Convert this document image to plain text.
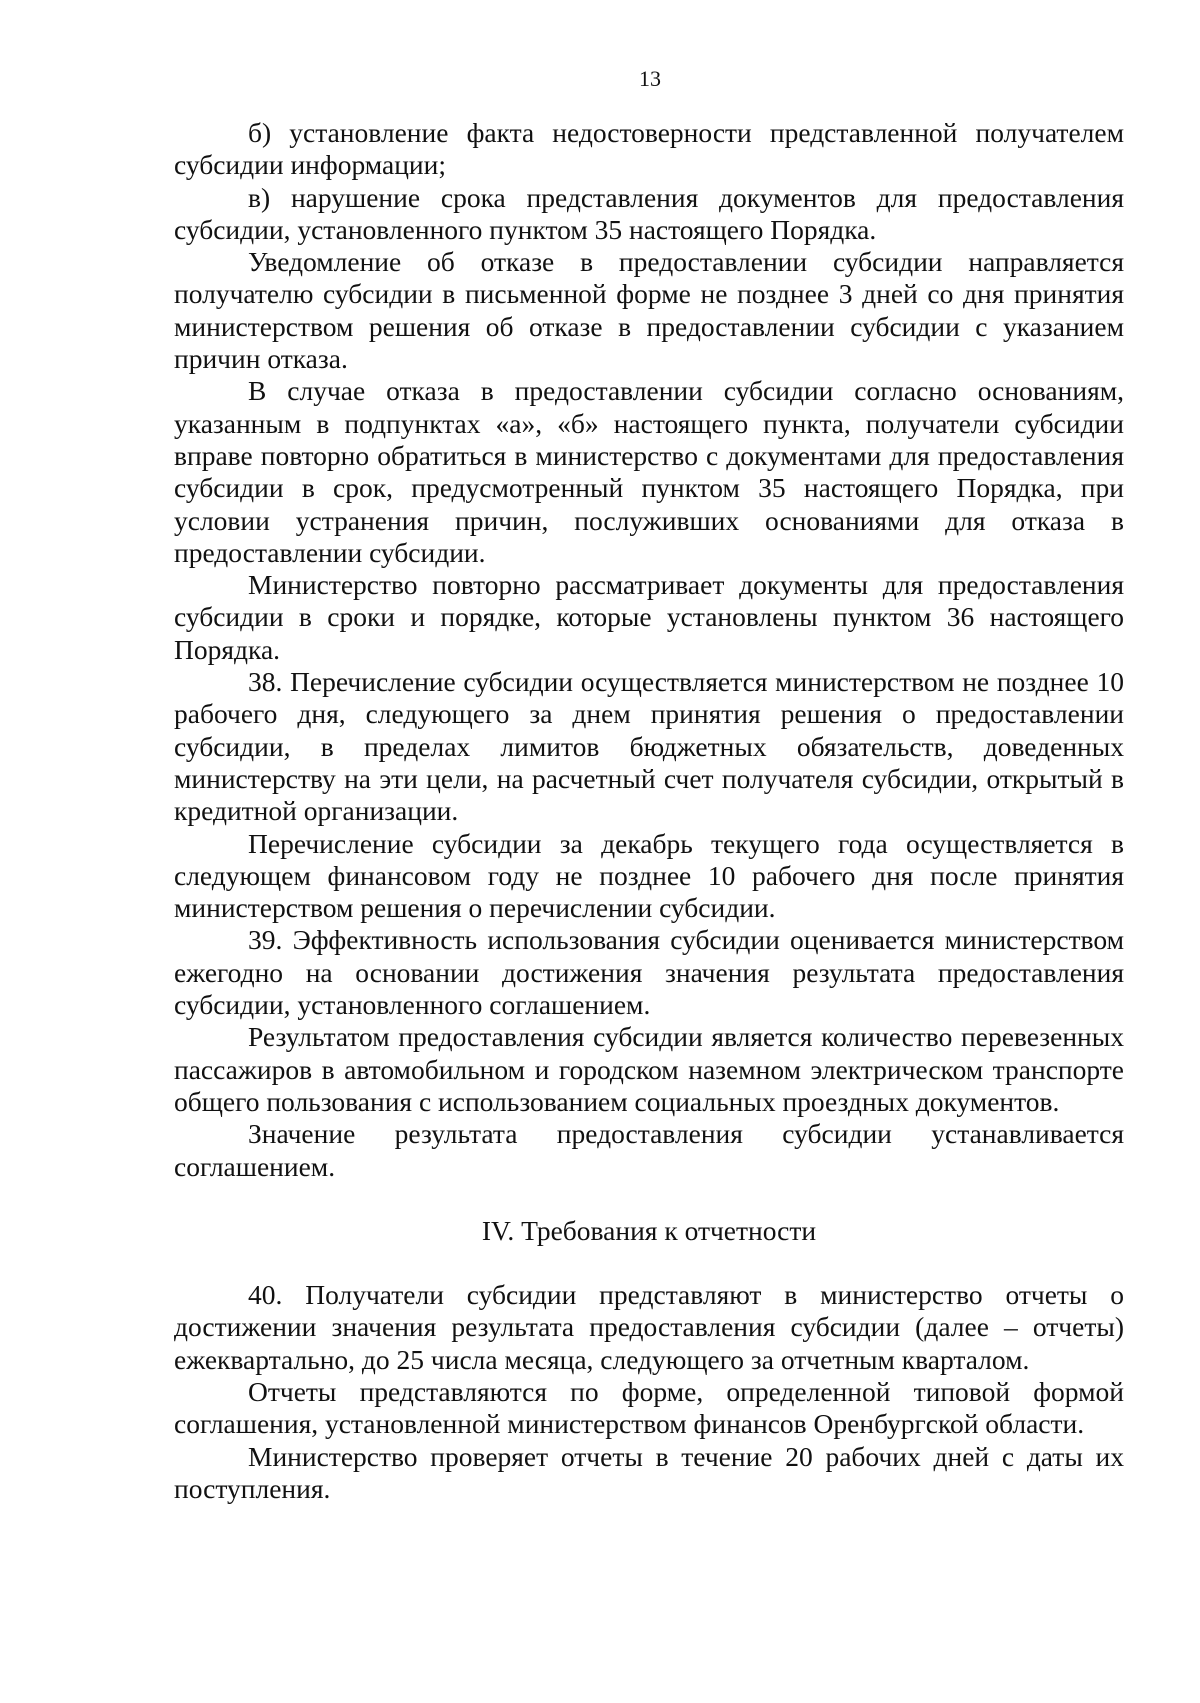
13

б) установление факта недостоверности представленной получателем субсидии информации;

в) нарушение срока представления документов для предоставления субсидии, установленного пунктом 35 настоящего Порядка.

Уведомление об отказе в предоставлении субсидии направляется получателю субсидии в письменной форме не позднее 3 дней со дня принятия министерством решения об отказе в предоставлении субсидии с указанием причин отказа.

В случае отказа в предоставлении субсидии согласно основаниям, указанным в подпунктах «а», «б» настоящего пункта, получатели субсидии вправе повторно обратиться в министерство с документами для предоставления субсидии в срок, предусмотренный пунктом 35 настоящего Порядка, при условии устранения причин, послуживших основаниями для отказа в предоставлении субсидии.

Министерство повторно рассматривает документы для предоставления субсидии в сроки и порядке, которые установлены пунктом 36 настоящего Порядка.

38. Перечисление субсидии осуществляется министерством не позднее 10 рабочего дня, следующего за днем принятия решения о предоставлении субсидии, в пределах лимитов бюджетных обязательств, доведенных министерству на эти цели, на расчетный счет получателя субсидии, открытый в кредитной организации.

Перечисление субсидии за декабрь текущего года осуществляется в следующем финансовом году не позднее 10 рабочего дня после принятия министерством решения о перечислении субсидии.

39. Эффективность использования субсидии оценивается министерством ежегодно на основании достижения значения результата предоставления субсидии, установленного соглашением.

Результатом предоставления субсидии является количество перевезенных пассажиров в автомобильном и городском наземном электрическом транспорте общего пользования с использованием социальных проездных документов.

Значение результата предоставления субсидии устанавливается соглашением.

IV. Требования к отчетности

40. Получатели субсидии представляют в министерство отчеты о достижении значения результата предоставления субсидии (далее – отчеты) ежеквартально, до 25 числа месяца, следующего за отчетным кварталом.

Отчеты представляются по форме, определенной типовой формой соглашения, установленной министерством финансов Оренбургской области.

Министерство проверяет отчеты в течение 20 рабочих дней с даты их поступления.
